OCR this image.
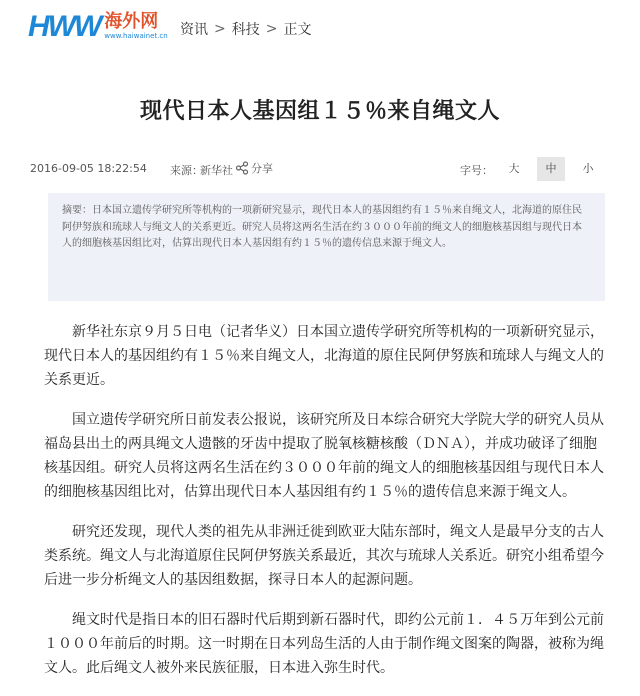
HWW 海外网
www.haiwainet.cn 资讯 > 科技 > 正文
现代日本人基因组１５％来自绳文人
2016-09-05 18:22:54 来源：
新华社 分享	字号：	大	中	小

摘要：日本国立遗传学研究所等机构的一项新研究显示，现代日本人的基因组约有１５％来自绳文人，北海道的原住民阿伊努族和琉球人与绳文人的关系更近。研究人员将这两名生活在约３０００年前的绳文人的细胞核基因组与现代日本人的细胞核基因组比对，估算出现代日本人基因组有约１５％的遗传信息来源于绳文人。

新华社东京９月５日电（记者华义）日本国立遗传学研究所等机构的一项新研究显示，现代日本人的基因组约有１５％来自绳文人，北海道的原住民阿伊努族和琉球人与绳文人的关系更近。

国立遗传学研究所日前发表公报说，该研究所及日本综合研究大学院大学的研究人员从福岛县出土的两具绳文人遗骸的牙齿中提取了脱氧核糖核酸（ＤＮＡ），并成功破译了细胞核基因组。研究人员将这两名生活在约３０００年前的绳文人的细胞核基因组与现代日本人的细胞核基因组比对，估算出现代日本人基因组有约１５％的遗传信息来源于绳文人。

研究还发现，现代人类的祖先从非洲迁徙到欧亚大陆东部时，绳文人是最早分支的古人类系统。绳文人与北海道原住民阿伊努族关系最近，其次与琉球人关系近。研究小组希望今后进一步分析绳文人的基因组数据，探寻日本人的起源问题。

绳文时代是指日本的旧石器时代后期到新石器时代，即约公元前１．４５万年到公元前１０００年前后的时期。这一时期在日本列岛生活的人由于制作绳文图案的陶器，被称为绳文人。此后绳文人被外来民族征服，日本进入弥生时代。
